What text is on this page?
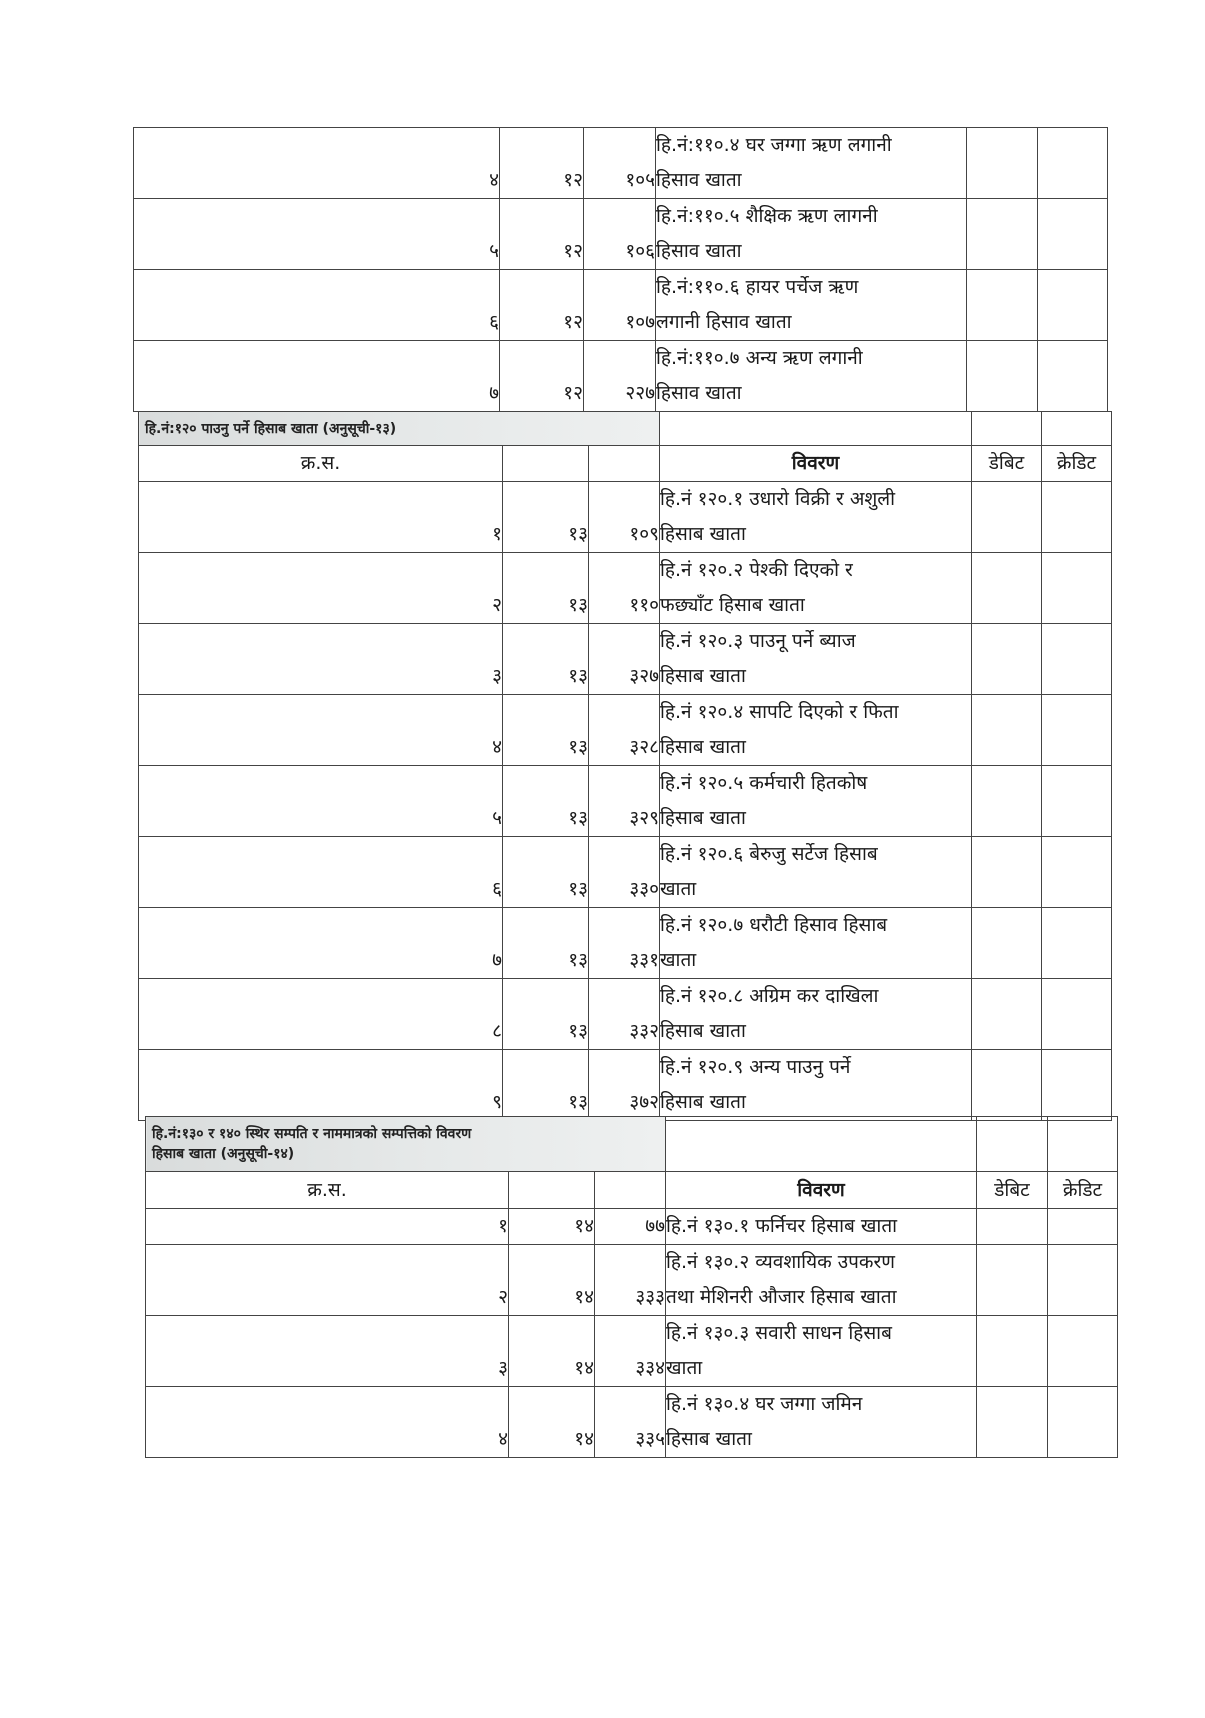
४	१२	१०५	हि.नं:११०.४ घर जग्गा ऋण लगानी
हिसाव खाता		

५	१२	१०६	हि.नं:११०.५ शैक्षिक ऋण लागनी
हिसाव खाता		

६	१२	१०७	हि.नं:११०.६ हायर पर्चेज ऋण
लगानी हिसाव खाता		

७	१२	२२७	हि.नं:११०.७ अन्य ऋण लगानी
हिसाव खाता		

हि.नं:१२० पाउनु पर्ने हिसाब खाता (अनुसूची-१३)					
क्र.स.			विवरण	डेबिट	क्रेडिट
१	१३	१०९	हि.नं १२०.१ उधारो विक्री र अशुली
हिसाब खाता		

२	१३	११०	हि.नं १२०.२ पेश्की दिएको र
फछ्याँट हिसाब खाता		

३	१३	३२७	हि.नं १२०.३ पाउनू पर्ने ब्याज
हिसाब खाता		

४	१३	३२८	हि.नं १२०.४ सापटि दिएको र फिता
हिसाब खाता		

५	१३	३२९	हि.नं १२०.५ कर्मचारी हितकोष
हिसाब खाता		

६	१३	३३०	हि.नं १२०.६ बेरुजु सर्टेज हिसाब
खाता		

७	१३	३३१	हि.नं १२०.७ धरौटी हिसाव हिसाब
खाता		

८	१३	३३२	हि.नं १२०.८ अग्रिम कर दाखिला
हिसाब खाता		

९	१३	३७२	हि.नं १२०.९ अन्य पाउनु पर्ने
हिसाब खाता		

हि.नं:१३० र १४० स्थिर सम्पति र नाममात्रको सम्पत्तिको विवरण
हिसाब खाता (अनुसूची-१४)					

क्र.स.			विवरण	डेबिट	क्रेडिट
१	१४	७७	हि.नं १३०.१ फर्निचर हिसाब खाता		

२	१४	३३३	हि.नं १३०.२ व्यवशायिक उपकरण
तथा मेशिनरी औजार हिसाब खाता		

३	१४	३३४	हि.नं १३०.३ सवारी साधन हिसाब
खाता		

४	१४	३३५	हि.नं १३०.४ घर जग्गा जमिन
हिसाब खाता		
